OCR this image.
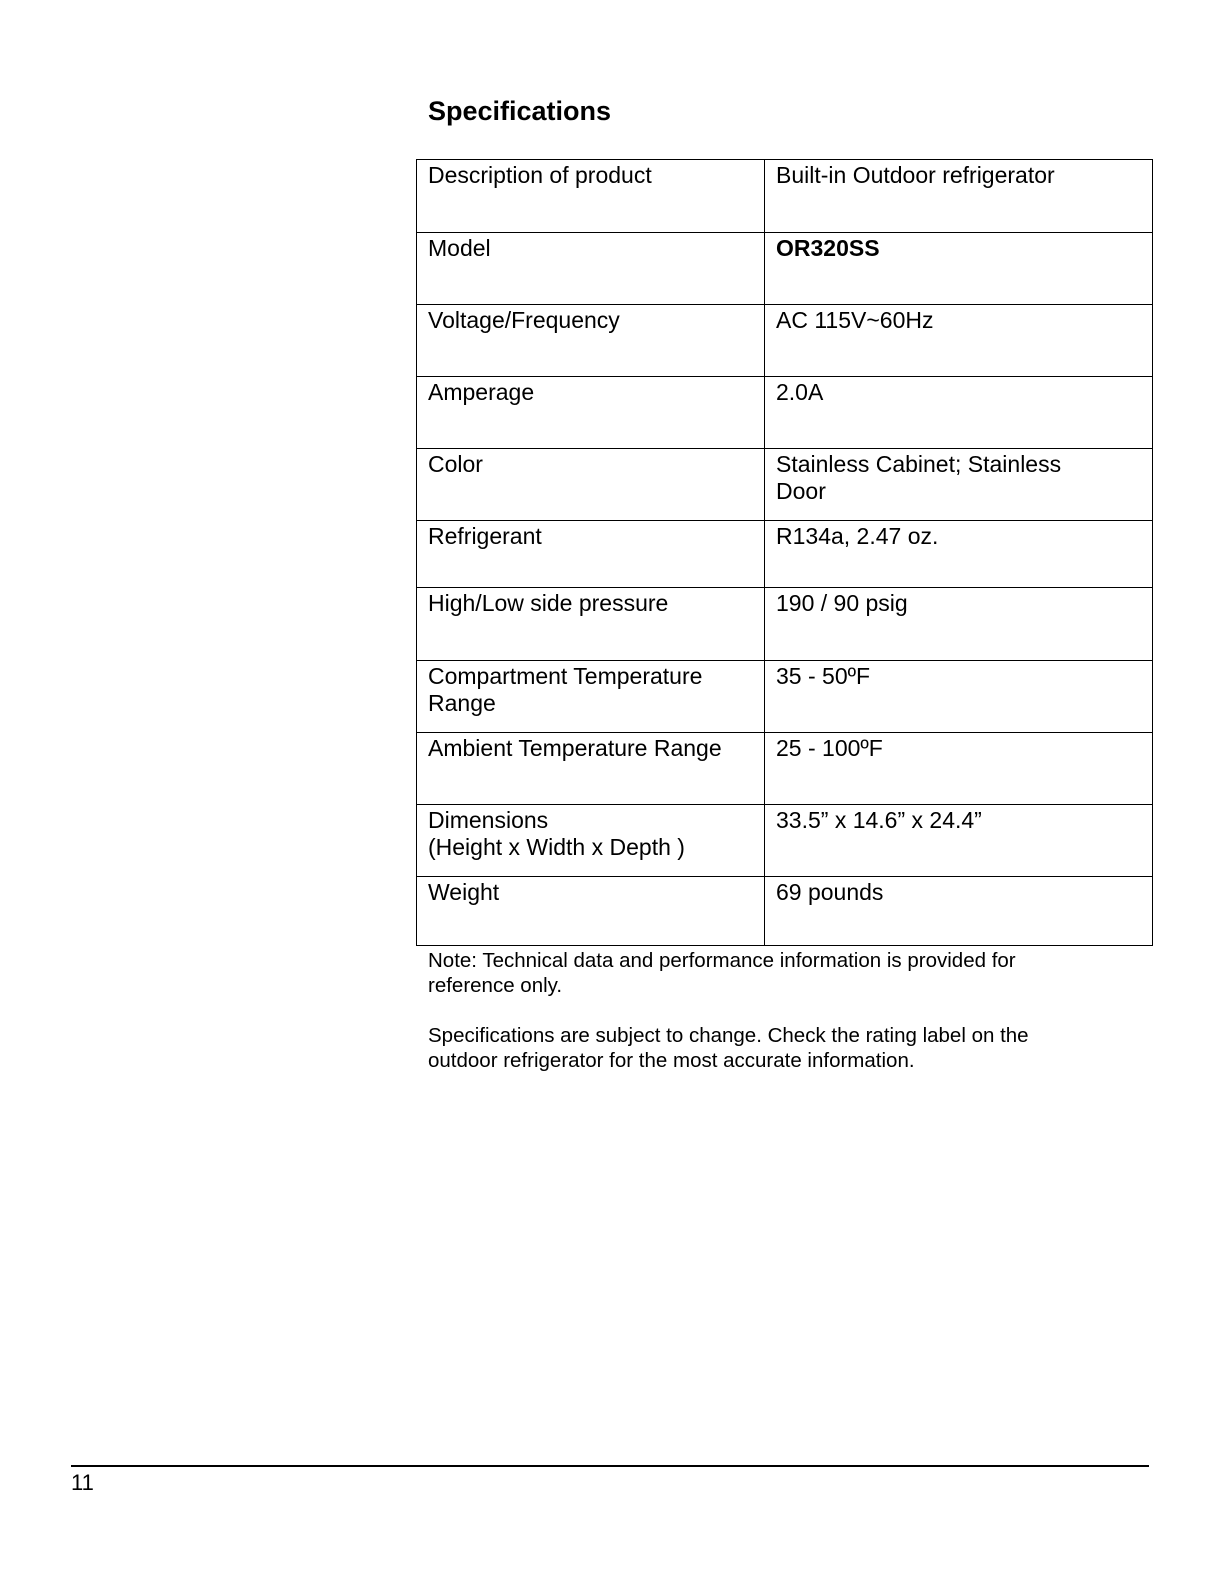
Specifications
Description of product	Built-in Outdoor refrigerator
Model	OR320SS
Voltage/Frequency	AC 115V~60Hz
Amperage	2.0A
Color	Stainless Cabinet; Stainless
Door
Refrigerant	R134a, 2.47 oz.
High/Low side pressure	190 / 90 psig
Compartment Temperature
Range	35 - 50ºF
Ambient Temperature Range	25 - 100ºF
Dimensions
(Height x Width x Depth )	33.5” x 14.6” x 24.4”
Weight	69 pounds

Note: Technical data and performance information is provided for
reference only.

Specifications are subject to change. Check the rating label on the
outdoor refrigerator for the most accurate information.

11
